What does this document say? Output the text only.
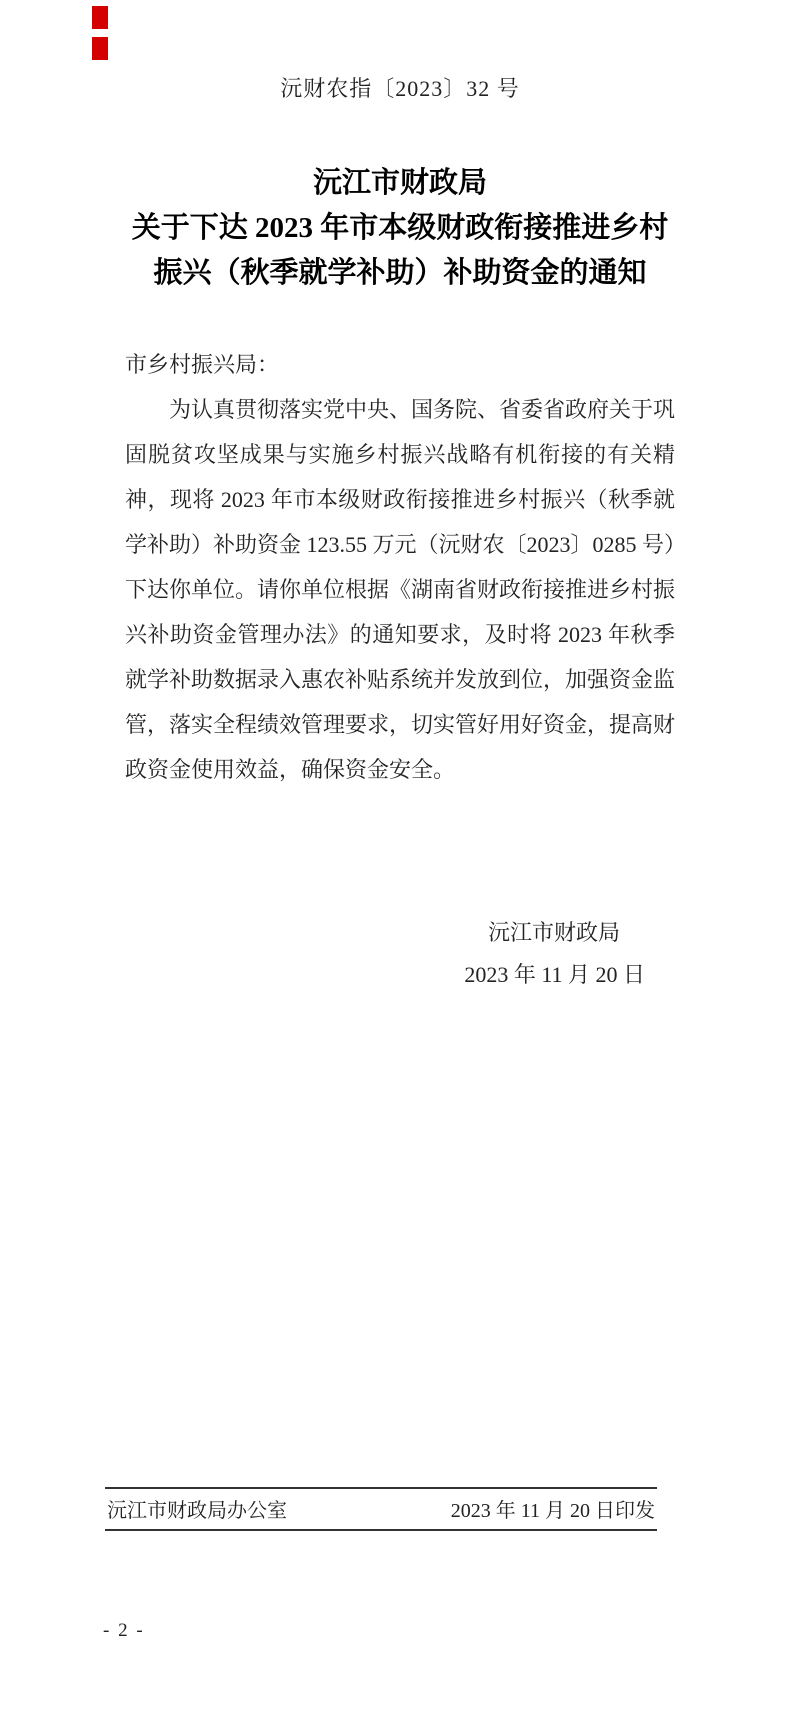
沅财农指〔2023〕32 号
沅江市财政局
关于下达 2023 年市本级财政衔接推进乡村
振兴（秋季就学补助）补助资金的通知
市乡村振兴局：
为认真贯彻落实党中央、国务院、省委省政府关于巩固脱贫攻坚成果与实施乡村振兴战略有机衔接的有关精神，现将 2023 年市本级财政衔接推进乡村振兴（秋季就学补助）补助资金 123.55 万元（沅财农〔2023〕0285 号）下达你单位。请你单位根据《湖南省财政衔接推进乡村振兴补助资金管理办法》的通知要求，及时将 2023 年秋季就学补助数据录入惠农补贴系统并发放到位，加强资金监管，落实全程绩效管理要求，切实管好用好资金，提高财政资金使用效益，确保资金安全。
沅江市财政局
2023 年 11 月 20 日
沅江市财政局办公室	2023 年 11 月 20 日印发
- 2 -
